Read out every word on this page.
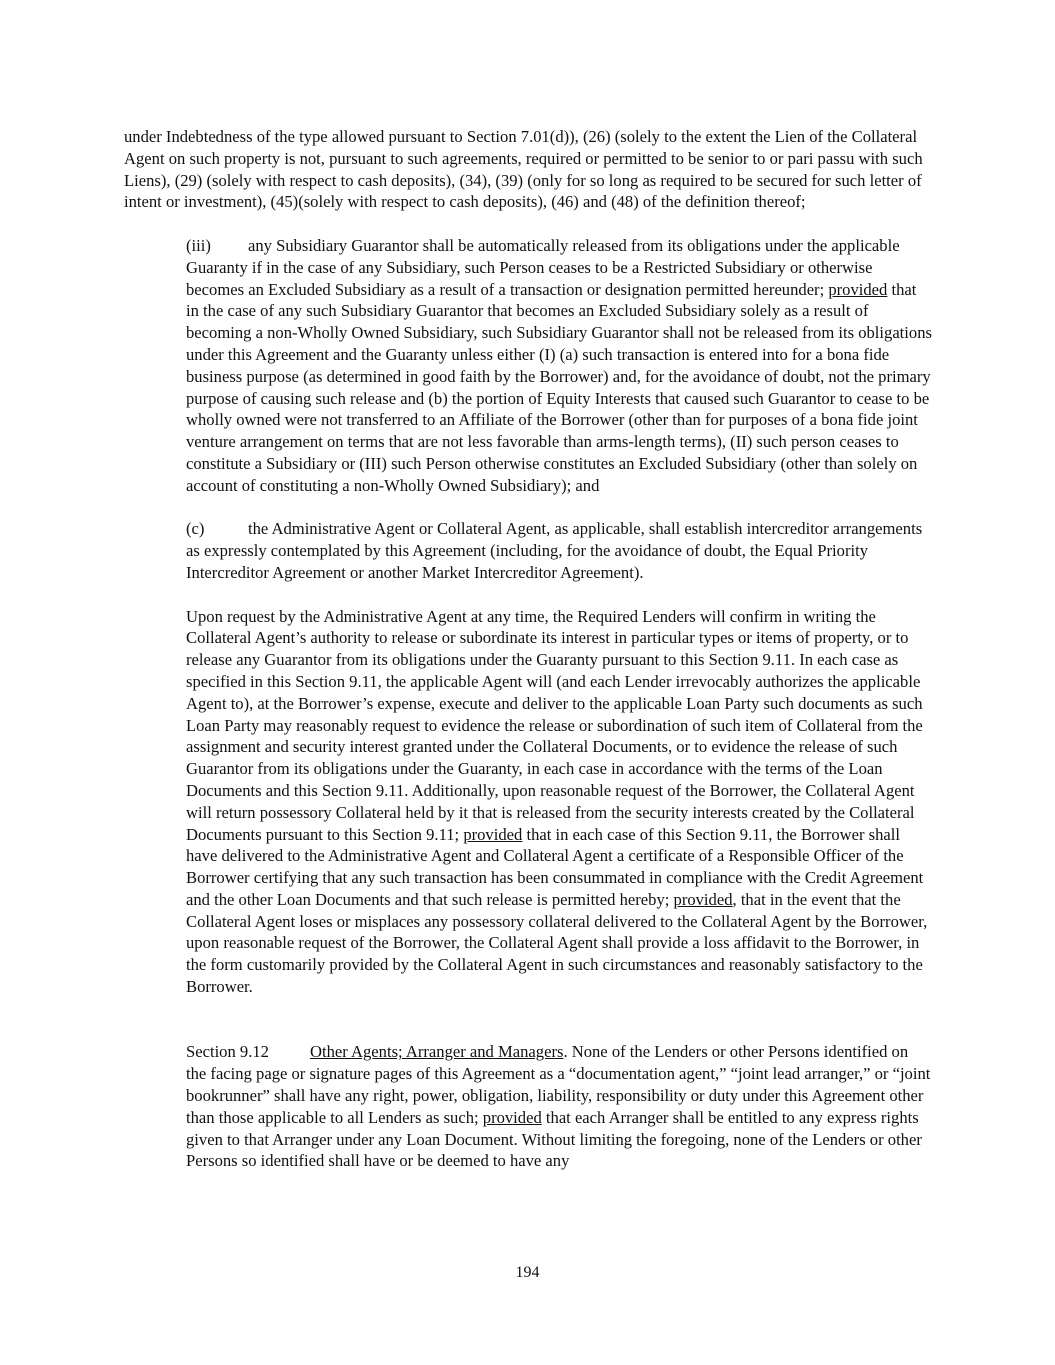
under Indebtedness of the type allowed pursuant to Section 7.01(d)), (26) (solely to the extent the Lien of the Collateral Agent on such property is not, pursuant to such agreements, required or permitted to be senior to or pari passu with such Liens), (29) (solely with respect to cash deposits), (34), (39) (only for so long as required to be secured for such letter of intent or investment), (45)(solely with respect to cash deposits), (46) and (48) of the definition thereof;

(iii) any Subsidiary Guarantor shall be automatically released from its obligations under the applicable Guaranty if in the case of any Subsidiary, such Person ceases to be a Restricted Subsidiary or otherwise becomes an Excluded Subsidiary as a result of a transaction or designation permitted hereunder; provided that in the case of any such Subsidiary Guarantor that becomes an Excluded Subsidiary solely as a result of becoming a non-Wholly Owned Subsidiary, such Subsidiary Guarantor shall not be released from its obligations under this Agreement and the Guaranty unless either (I) (a) such transaction is entered into for a bona fide business purpose (as determined in good faith by the Borrower) and, for the avoidance of doubt, not the primary purpose of causing such release and (b) the portion of Equity Interests that caused such Guarantor to cease to be wholly owned were not transferred to an Affiliate of the Borrower (other than for purposes of a bona fide joint venture arrangement on terms that are not less favorable than arms-length terms), (II) such person ceases to constitute a Subsidiary or (III) such Person otherwise constitutes an Excluded Subsidiary (other than solely on account of constituting a non-Wholly Owned Subsidiary); and

(c)	the Administrative Agent or Collateral Agent, as applicable, shall establish intercreditor arrangements as expressly contemplated by this Agreement (including, for the avoidance of doubt, the Equal Priority Intercreditor Agreement or another Market Intercreditor Agreement).

Upon request by the Administrative Agent at any time, the Required Lenders will confirm in writing the Collateral Agent’s authority to release or subordinate its interest in particular types or items of property, or to release any Guarantor from its obligations under the Guaranty pursuant to this Section 9.11. In each case as specified in this Section 9.11, the applicable Agent will (and each Lender irrevocably authorizes the applicable Agent to), at the Borrower’s expense, execute and deliver to the applicable Loan Party such documents as such Loan Party may reasonably request to evidence the release or subordination of such item of Collateral from the assignment and security interest granted under the Collateral Documents, or to evidence the release of such Guarantor from its obligations under the Guaranty, in each case in accordance with the terms of the Loan Documents and this Section 9.11. Additionally, upon reasonable request of the Borrower, the Collateral Agent will return possessory Collateral held by it that is released from the security interests created by the Collateral Documents pursuant to this Section 9.11; provided that in each case of this Section 9.11, the Borrower shall have delivered to the Administrative Agent and Collateral Agent a certificate of a Responsible Officer of the Borrower certifying that any such transaction has been consummated in compliance with the Credit Agreement and the other Loan Documents and that such release is permitted hereby; provided, that in the event that the Collateral Agent loses or misplaces any possessory collateral delivered to the Collateral Agent by the Borrower, upon reasonable request of the Borrower, the Collateral Agent shall provide a loss affidavit to the Borrower, in the form customarily provided by the Collateral Agent in such circumstances and reasonably satisfactory to the Borrower.

Section 9.12 Other Agents; Arranger and Managers. None of the Lenders or other Persons identified on the facing page or signature pages of this Agreement as a “documentation agent,” “joint lead arranger,” or “joint bookrunner” shall have any right, power, obligation, liability, responsibility or duty under this Agreement other than those applicable to all Lenders as such; provided that each Arranger shall be entitled to any express rights given to that Arranger under any Loan Document. Without limiting the foregoing, none of the Lenders or other Persons so identified shall have or be deemed to have any

194
